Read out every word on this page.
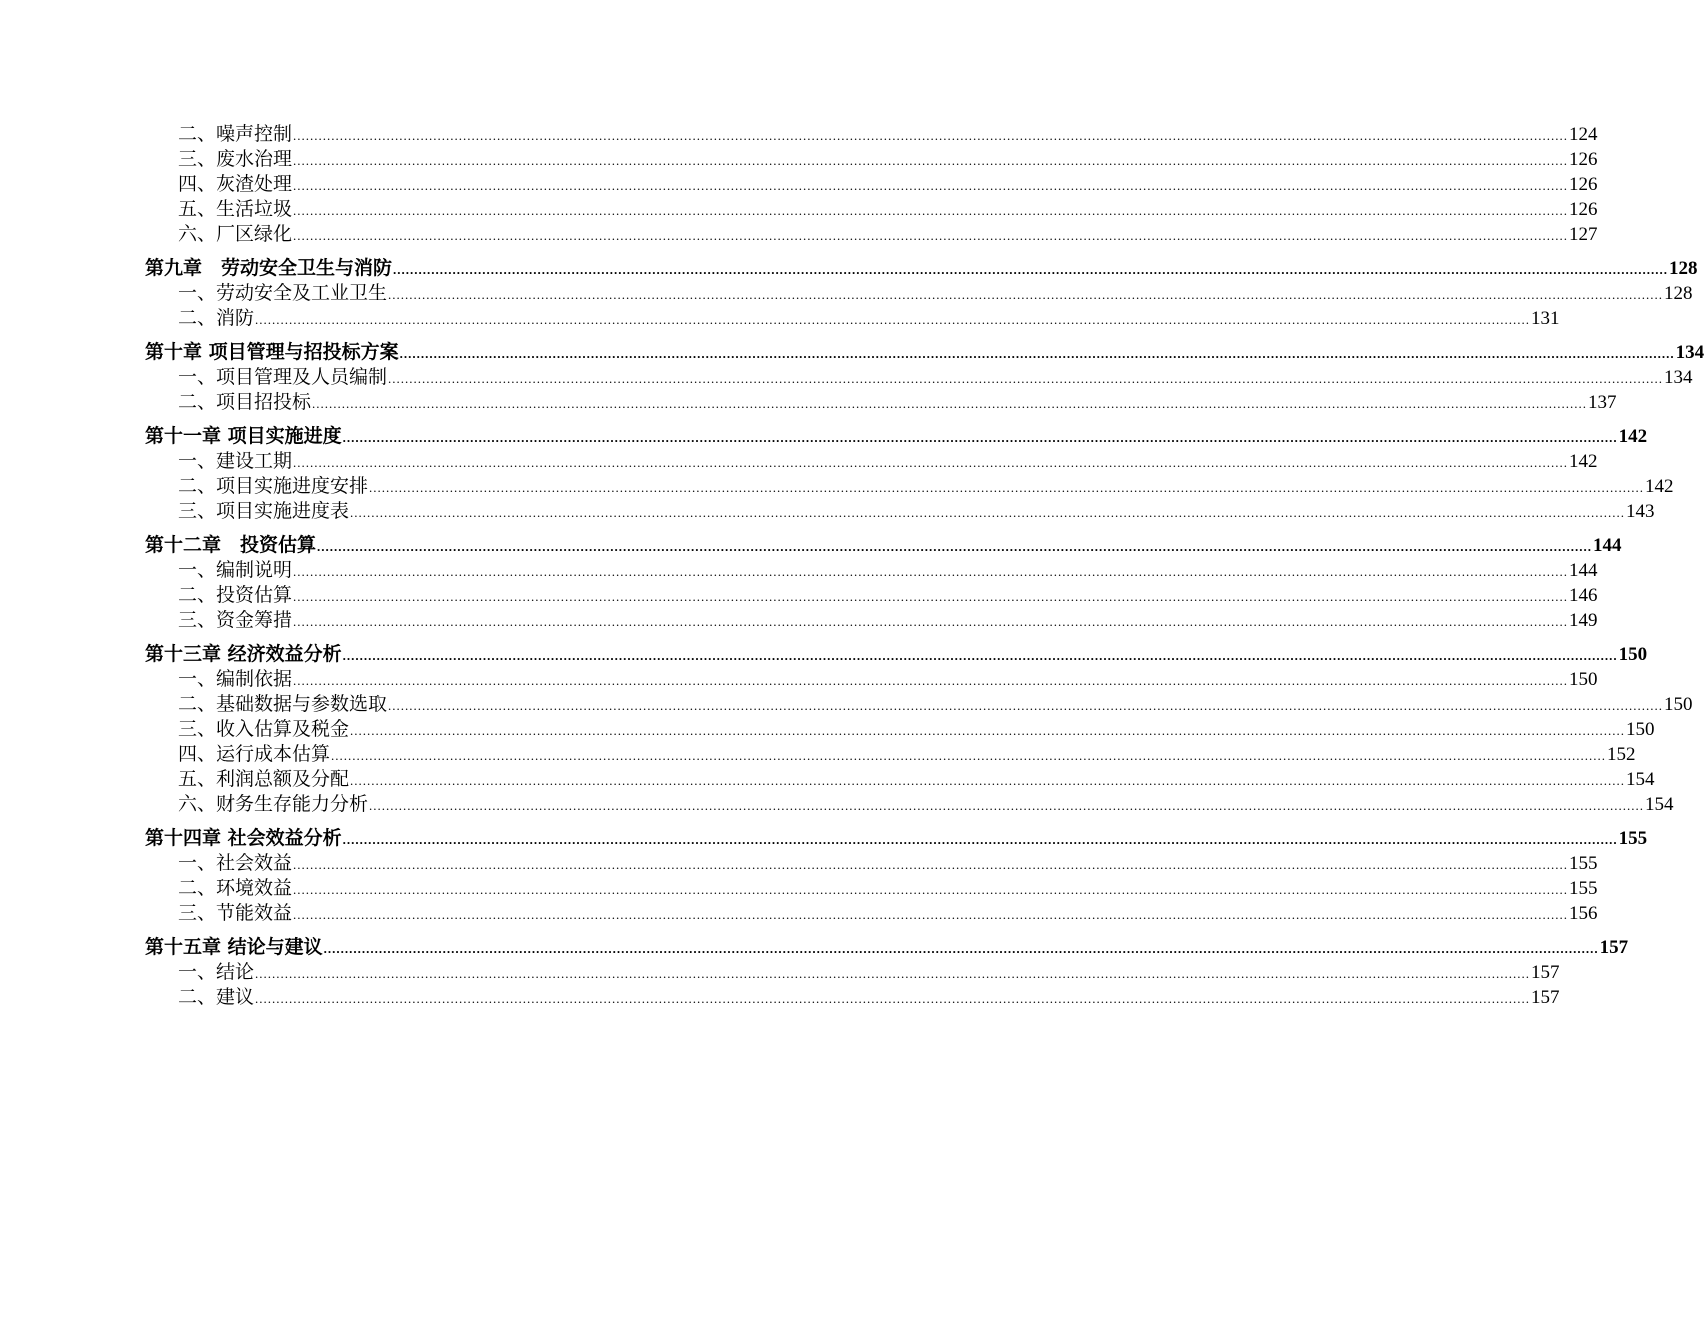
二、噪声控制 ............................................................................................................................................................................................................................................................................................................ 124
三、废水治理 ............................................................................................................................................................................................................................................................................................................ 126
四、灰渣处理 ............................................................................................................................................................................................................................................................................................................ 126
五、生活垃圾 ............................................................................................................................................................................................................................................................................................................ 126
六、厂区绿化 ............................................................................................................................................................................................................................................................................................................ 127
第九章　劳动安全卫生与消防 ............................................................................................................................................................................................................................................................................................................ 128
一、劳动安全及工业卫生 ............................................................................................................................................................................................................................................................................................................ 128
二、消防 ............................................................................................................................................................................................................................................................................................................ 131
第十章 项目管理与招投标方案 ............................................................................................................................................................................................................................................................................................................ 134
一、项目管理及人员编制 ............................................................................................................................................................................................................................................................................................................ 134
二、项目招投标 ............................................................................................................................................................................................................................................................................................................ 137
第十一章 项目实施进度 ............................................................................................................................................................................................................................................................................................................ 142
一、建设工期 ............................................................................................................................................................................................................................................................................................................ 142
二、项目实施进度安排 ............................................................................................................................................................................................................................................................................................................ 142
三、项目实施进度表 ............................................................................................................................................................................................................................................................................................................ 143
第十二章　投资估算 ............................................................................................................................................................................................................................................................................................................ 144
一、编制说明 ............................................................................................................................................................................................................................................................................................................ 144
二、投资估算 ............................................................................................................................................................................................................................................................................................................ 146
三、资金筹措 ............................................................................................................................................................................................................................................................................................................ 149
第十三章 经济效益分析 ............................................................................................................................................................................................................................................................................................................ 150
一、编制依据 ............................................................................................................................................................................................................................................................................................................ 150
二、基础数据与参数选取 ............................................................................................................................................................................................................................................................................................................ 150
三、收入估算及税金 ............................................................................................................................................................................................................................................................................................................ 150
四、运行成本估算 ............................................................................................................................................................................................................................................................................................................ 152
五、利润总额及分配 ............................................................................................................................................................................................................................................................................................................ 154
六、财务生存能力分析 ............................................................................................................................................................................................................................................................................................................ 154
第十四章 社会效益分析 ............................................................................................................................................................................................................................................................................................................ 155
一、社会效益 ............................................................................................................................................................................................................................................................................................................ 155
二、环境效益 ............................................................................................................................................................................................................................................................................................................ 155
三、节能效益 ............................................................................................................................................................................................................................................................................................................ 156
第十五章 结论与建议 ............................................................................................................................................................................................................................................................................................................ 157
一、结论 ............................................................................................................................................................................................................................................................................................................ 157
二、建议 ............................................................................................................................................................................................................................................................................................................ 157
